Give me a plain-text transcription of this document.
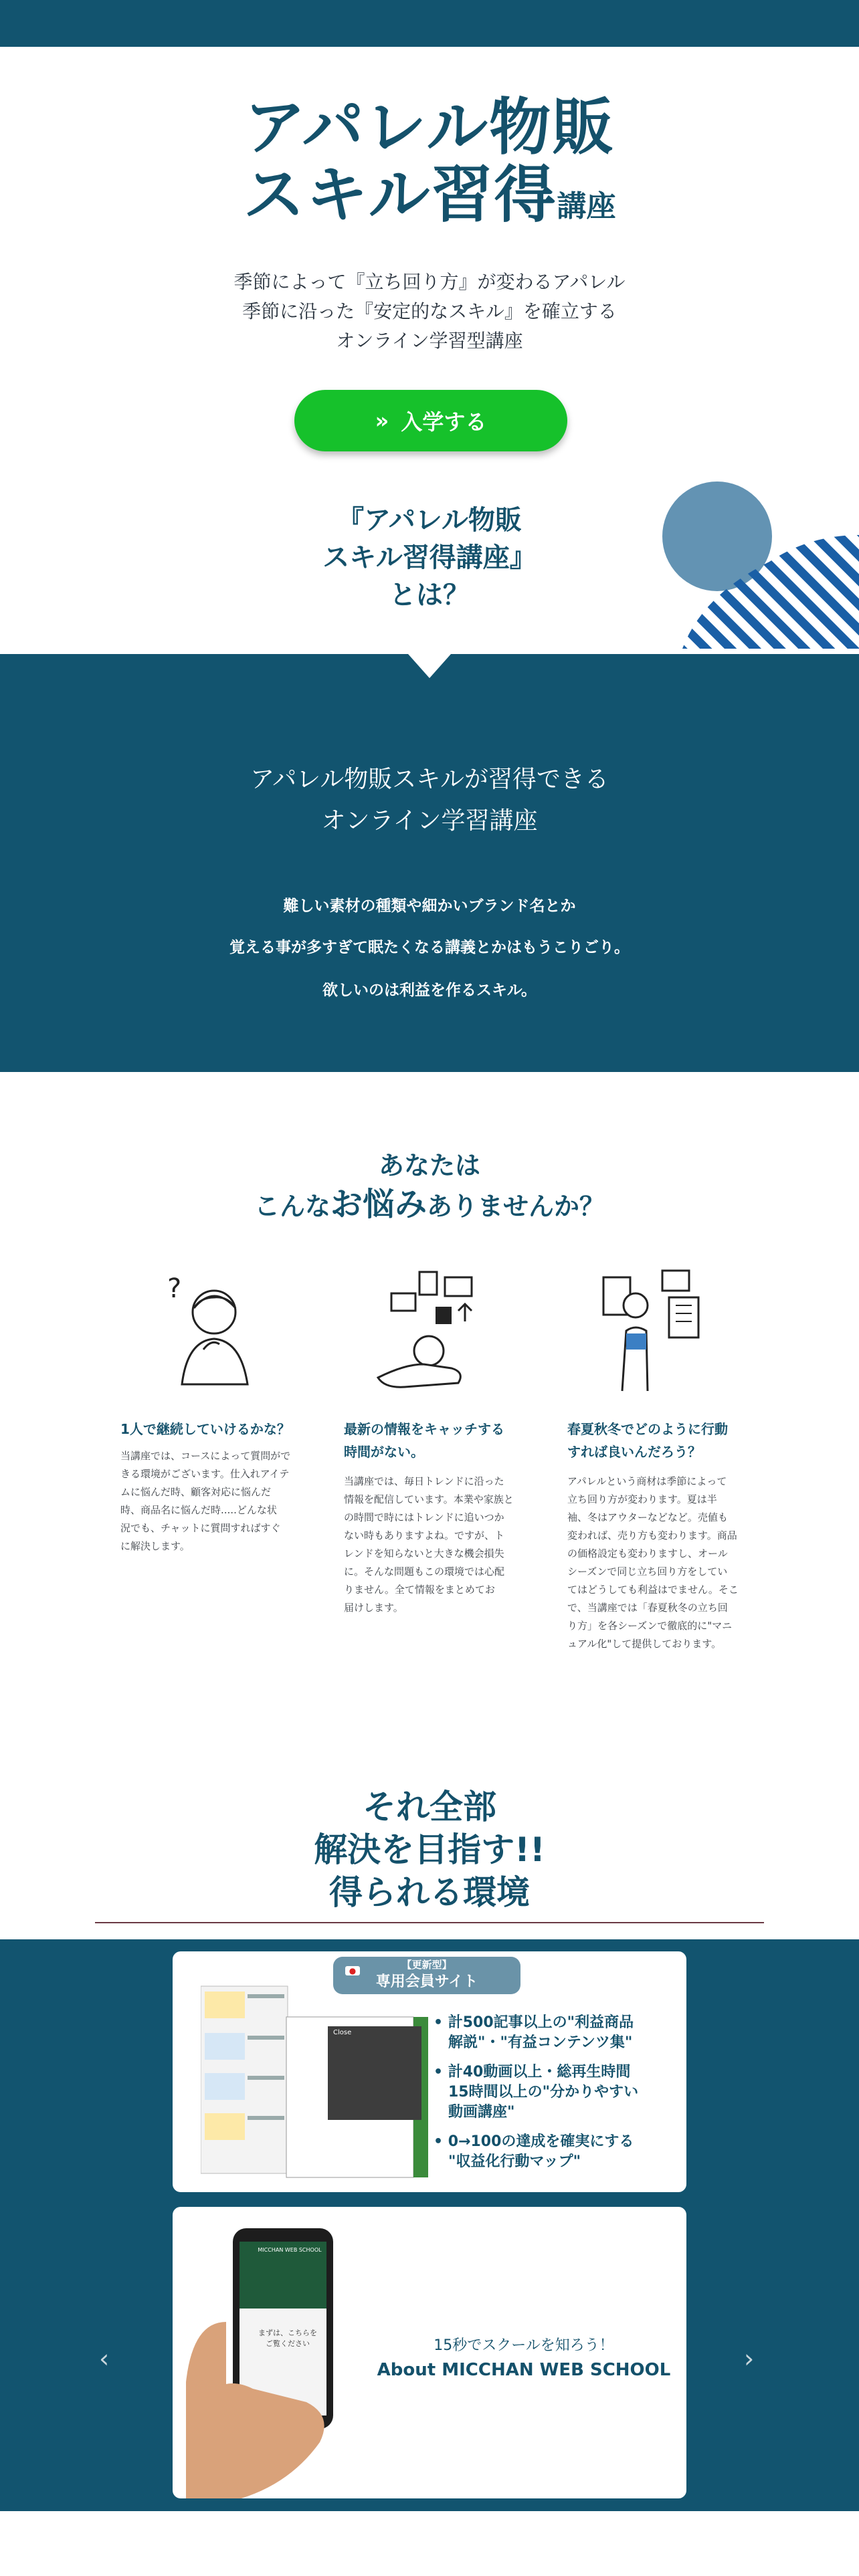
アパレル物販
スキル習得講座
季節によって『立ち回り方』が変わるアパレル
季節に沿った『安定的なスキル』を確立する
オンライン学習型講座
» 入学する
『アパレル物販
スキル習得講座』
とは？
アパレル物販スキルが習得できる
オンライン学習講座
難しい素材の種類や細かいブランド名とか
覚える事が多すぎて眠たくなる講義とかはもうこりごり。
欲しいのは利益を作るスキル。
あなたは
こんなお悩みありませんか？
?
1人で継続していけるかな？
当講座では、コースによって質問がで
きる環境がございます。仕入れアイテ
ムに悩んだ時、顧客対応に悩んだ
時、商品名に悩んだ時.....どんな状
況でも、チャットに質問すればすぐ
に解決します。
最新の情報をキャッチする
時間がない。
当講座では、毎日トレンドに沿った
情報を配信しています。本業や家族と
の時間で時にはトレンドに追いつか
ない時もありますよね。ですが、ト
レンドを知らないと大きな機会損失
に。そんな問題もこの環境では心配
りません。全て情報をまとめてお
届けします。
春夏秋冬でどのように行動
すれば良いんだろう？
アパレルという商材は季節によって
立ち回り方が変わります。夏は半
袖、冬はアウターなどなど。売値も
変われば、売り方も変わります。商品
の価格設定も変わりますし、オール
シーズンで同じ立ち回り方をしてい
てはどうしても利益はでません。そこ
で、当講座では「春夏秋冬の立ち回
り方」を各シーズンで徹底的に"マニ
ュアル化"して提供しております。
それ全部
解決を目指す!!
得られる環境
Close
【更新型】
専用会員サイト
●
• 計500記事以上の"利益商品
解説"・"有益コンテンツ集"
• 計40動画以上・総再生時間
15時間以上の"分かりやすい
動画講座"
• 0→100の達成を確実にする
"収益化行動マップ"
MICCHAN WEB SCHOOL
まずは、こちらを
ご覧ください	15秒でスクールを知ろう！
About MICCHAN WEB SCHOOL
‹	›
